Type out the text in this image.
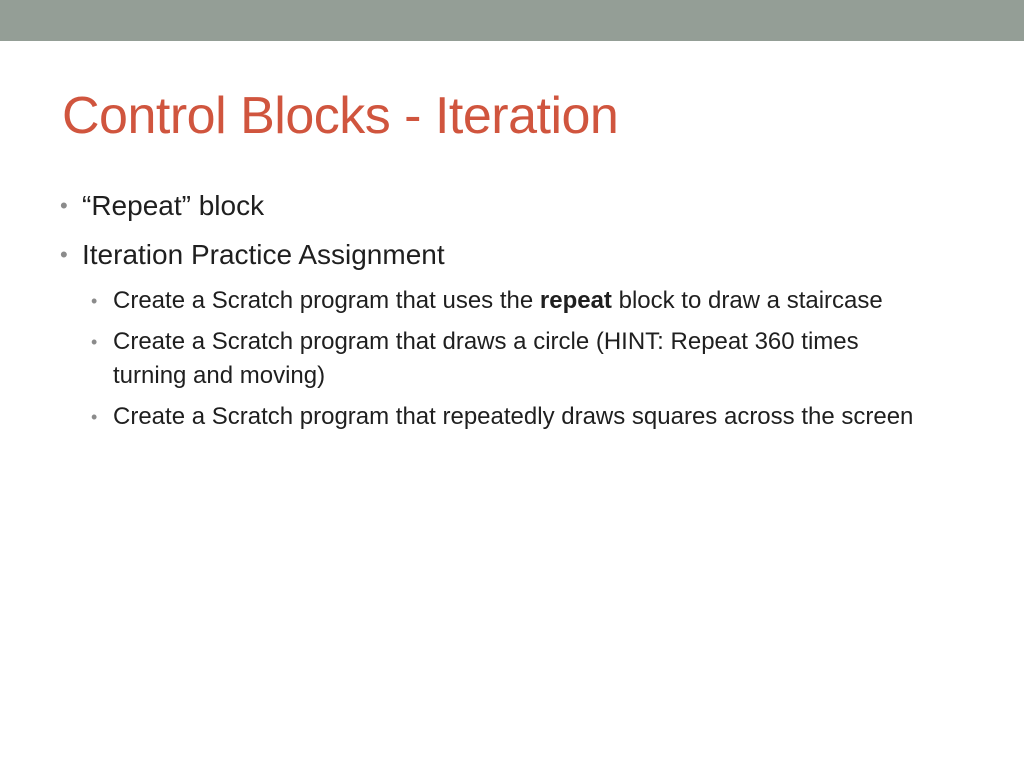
Control Blocks - Iteration
• “Repeat” block
• Iteration Practice Assignment
• Create a Scratch program that uses the repeat block to draw a staircase
• Create a Scratch program that draws a circle (HINT: Repeat 360 times turning and moving)
• Create a Scratch program that repeatedly draws squares across the screen
